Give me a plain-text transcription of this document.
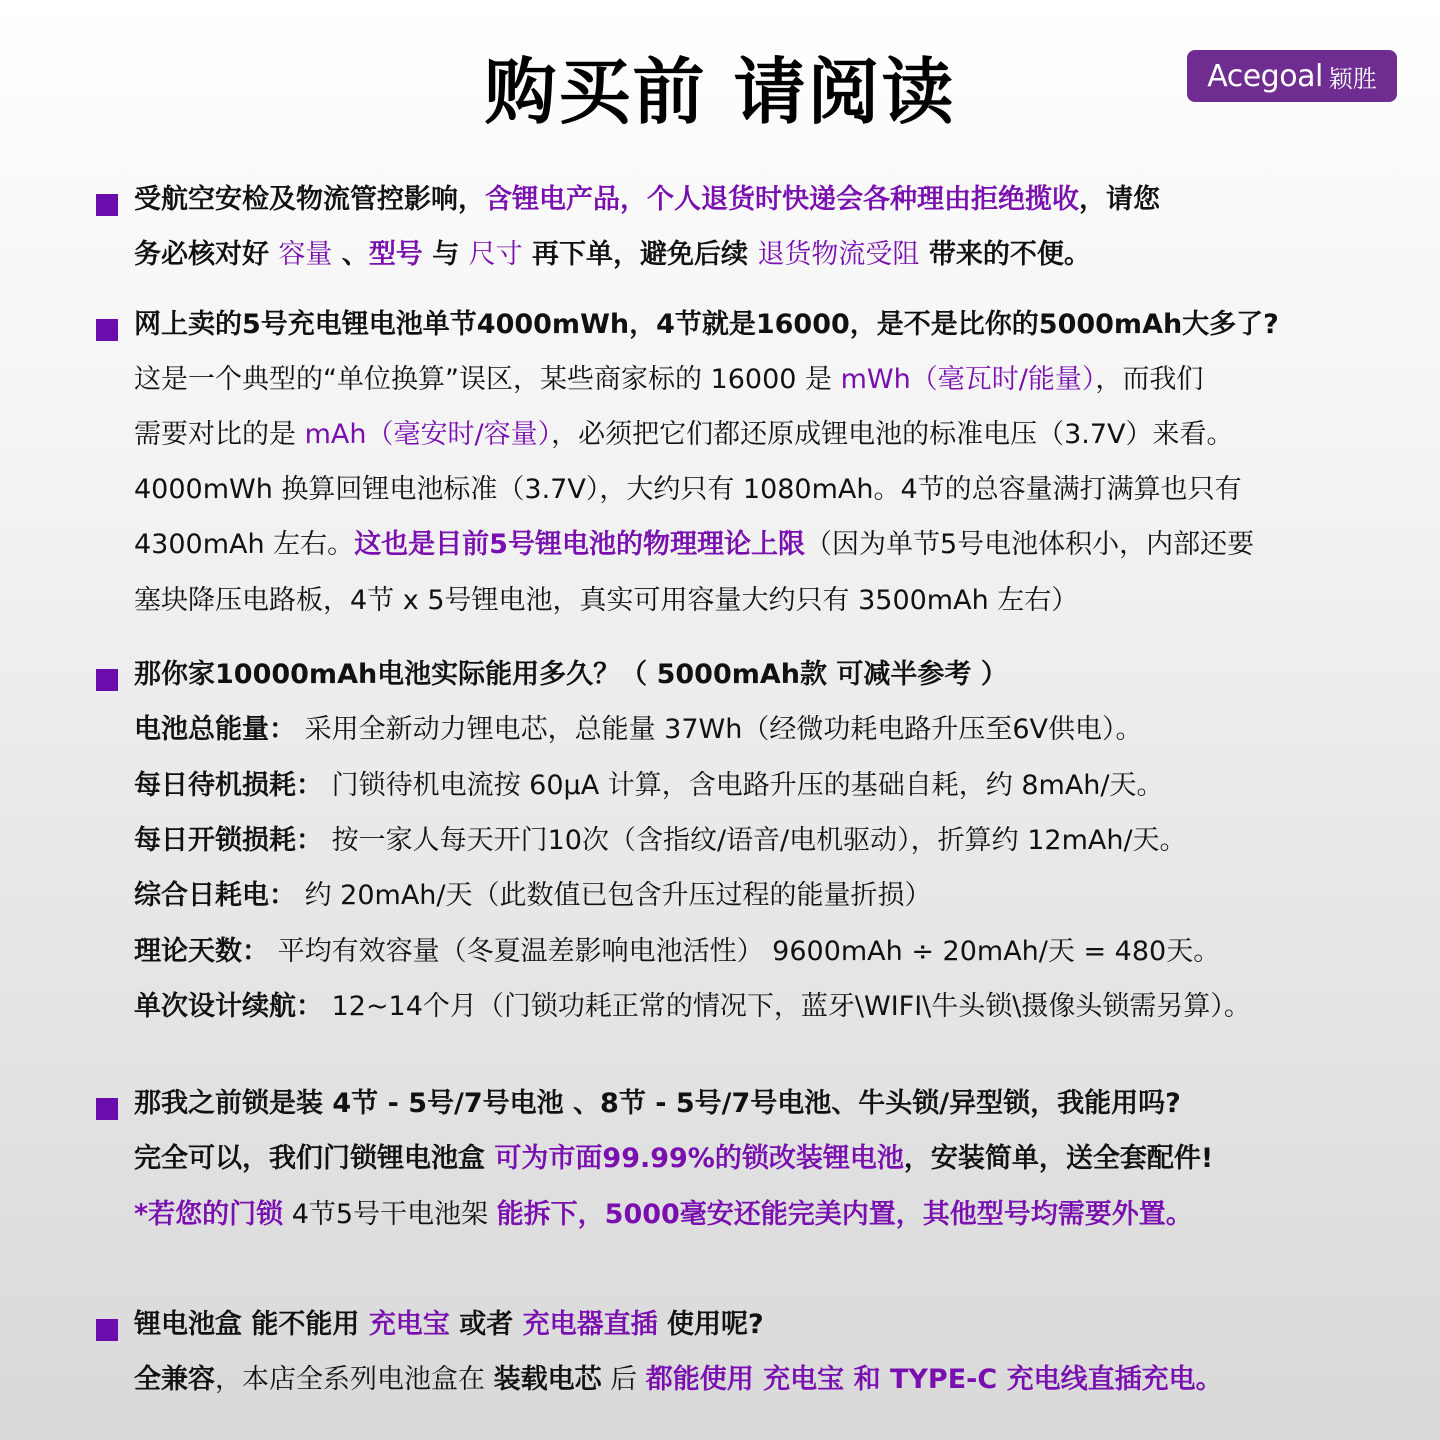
购买前 请阅读	Acegoal 颖胜
受航空安检及物流管控影响，含锂电产品，个人退货时快递会各种理由拒绝揽收，请您
务必核对好 容量 、型号 与 尺寸 再下单，避免后续 退货物流受阻 带来的不便。
网上卖的5号充电锂电池单节4000mWh，4节就是16000，是不是比你的5000mAh大多了?
这是一个典型的“单位换算”误区，某些商家标的 16000 是 mWh（毫瓦时/能量），而我们
需要对比的是 mAh（毫安时/容量），必须把它们都还原成锂电池的标准电压（3.7V）来看。
4000mWh 换算回锂电池标准（3.7V），大约只有 1080mAh。4节的总容量满打满算也只有
4300mAh 左右。这也是目前5号锂电池的物理理论上限（因为单节5号电池体积小，内部还要
塞块降压电路板，4节 x 5号锂电池，真实可用容量大约只有 3500mAh 左右）
那你家10000mAh电池实际能用多久？（ 5000mAh款 可减半参考 ）
电池总能量： 采用全新动力锂电芯，总能量 37Wh（经微功耗电路升压至6V供电）。
每日待机损耗： 门锁待机电流按 60μA 计算，含电路升压的基础自耗，约 8mAh/天。
每日开锁损耗： 按一家人每天开门10次（含指纹/语音/电机驱动），折算约 12mAh/天。
综合日耗电： 约 20mAh/天（此数值已包含升压过程的能量折损）
理论天数： 平均有效容量（冬夏温差影响电池活性） 9600mAh ÷ 20mAh/天 = 480天。
单次设计续航： 12~14个月（门锁功耗正常的情况下，蓝牙\WIFI\牛头锁\摄像头锁需另算）。
那我之前锁是装 4节 - 5号/7号电池 、8节 - 5号/7号电池、牛头锁/异型锁，我能用吗?
完全可以，我们门锁锂电池盒 可为市面99.99%的锁改装锂电池，安装简单，送全套配件!
*若您的门锁 4节5号干电池架 能拆下，5000毫安还能完美内置，其他型号均需要外置。
锂电池盒 能不能用 充电宝 或者 充电器直插 使用呢?
全兼容，本店全系列电池盒在 装载电芯 后 都能使用 充电宝 和 TYPE-C 充电线直插充电。
